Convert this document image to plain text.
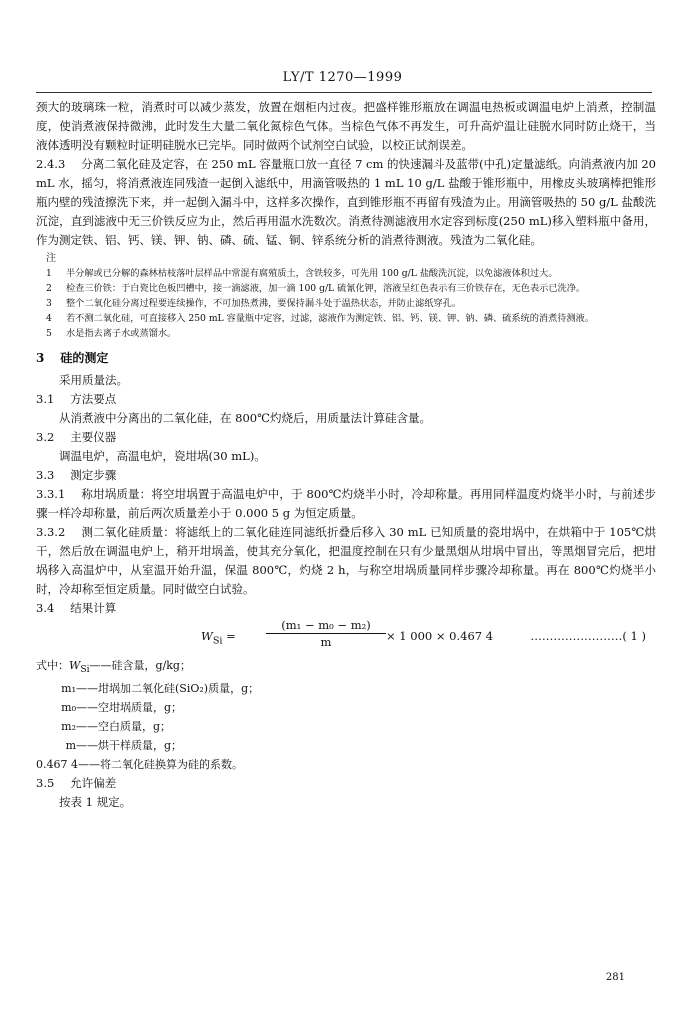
LY/T 1270—1999

颈大的玻璃珠一粒，消煮时可以减少蒸发，放置在烟柜内过夜。把盛样锥形瓶放在调温电热板或调温电炉上消煮，控制温度，使消煮液保持微沸，此时发生大量二氧化氮棕色气体。当棕色气体不再发生，可升高炉温让硅脱水同时防止烧干，当液体透明没有颗粒时证明硅脱水已完毕。同时做两个试剂空白试验，以校正试剂误差。

2.4.3 分离二氧化硅及定容，在 250 mL 容量瓶口放一直径 7 cm 的快速漏斗及蓝带(中孔)定量滤纸。向消煮液内加 20 mL 水，摇匀，将消煮液连同残渣一起倒入滤纸中，用滴管吸热的 1 mL 10 g/L 盐酸于锥形瓶中，用橡皮头玻璃棒把锥形瓶内壁的残渣擦洗下来，并一起倒入漏斗中，这样多次操作，直到锥形瓶不再留有残渣为止。用滴管吸热的 50 g/L 盐酸洗沉淀，直到滤液中无三价铁反应为止，然后再用温水洗数次。消煮待测滤液用水定容到标度(250 mL)移入塑料瓶中备用，作为测定铁、铝、钙、镁、钾、钠、磷、硫、锰、铜、锌系统分析的消煮待测液。残渣为二氧化硅。

注
1	半分解或已分解的森林枯枝落叶层样品中常混有腐殖质土，含铁较多，可先用 100 g/L 盐酸洗沉淀，以免滤液体积过大。
2	检查三价铁：于白瓷比色板凹槽中，接一滴滤液，加一滴 100 g/L 硫氰化钾，溶液呈红色表示有三价铁存在，无色表示已洗净。
3	整个二氧化硅分离过程要连续操作，不可加热煮沸，要保持漏斗处于温热状态，并防止滤纸穿孔。
4	若不测二氧化硅，可直接移入 250 mL 容量瓶中定容，过滤，滤液作为测定铁、铝、钙、镁、钾、钠、磷、硫系统的消煮待测液。
5	水是指去离子水或蒸馏水。
3 硅的测定

采用质量法。

3.1 方法要点

从消煮液中分离出的二氧化硅，在 800℃灼烧后，用质量法计算硅含量。

3.2 主要仪器

调温电炉，高温电炉，瓷坩埚(30 mL)。

3.3 测定步骤

3.3.1 称坩埚质量：将空坩埚置于高温电炉中，于 800℃灼烧半小时，冷却称量。再用同样温度灼烧半小时，与前述步骤一样冷却称量，前后两次质量差小于 0.000 5 g 为恒定质量。

3.3.2 测二氧化硅质量：将滤纸上的二氧化硅连同滤纸折叠后移入 30 mL 已知质量的瓷坩埚中，在烘箱中于 105℃烘干，然后放在调温电炉上，稍开坩埚盖，使其充分氧化，把温度控制在只有少量黑烟从坩埚中冒出，等黑烟冒完后，把坩埚移入高温炉中，从室温开始升温，保温 800℃，灼烧 2 h，与称空坩埚质量同样步骤冷却称量。再在 800℃灼烧半小时，冷却称至恒定质量。同时做空白试验。

3.4 结果计算
$W_{Si}$ =	$\frac{\text{(m₁ − m₀ − m₂)}}{m} \times 1$ 000 × 0.467 4	……………………( 1 )
式中：$W_{Si}——$硅含量，g/kg；
m₁——坩埚加二氧化硅(SiO₂)质量，g；
m₀——空坩埚质量，g；
m₂——空白质量，g；
m——烘干样质量，g；
0.467 4——将二氧化硅换算为硅的系数。
3.5 允许偏差

按表 1 规定。

281
